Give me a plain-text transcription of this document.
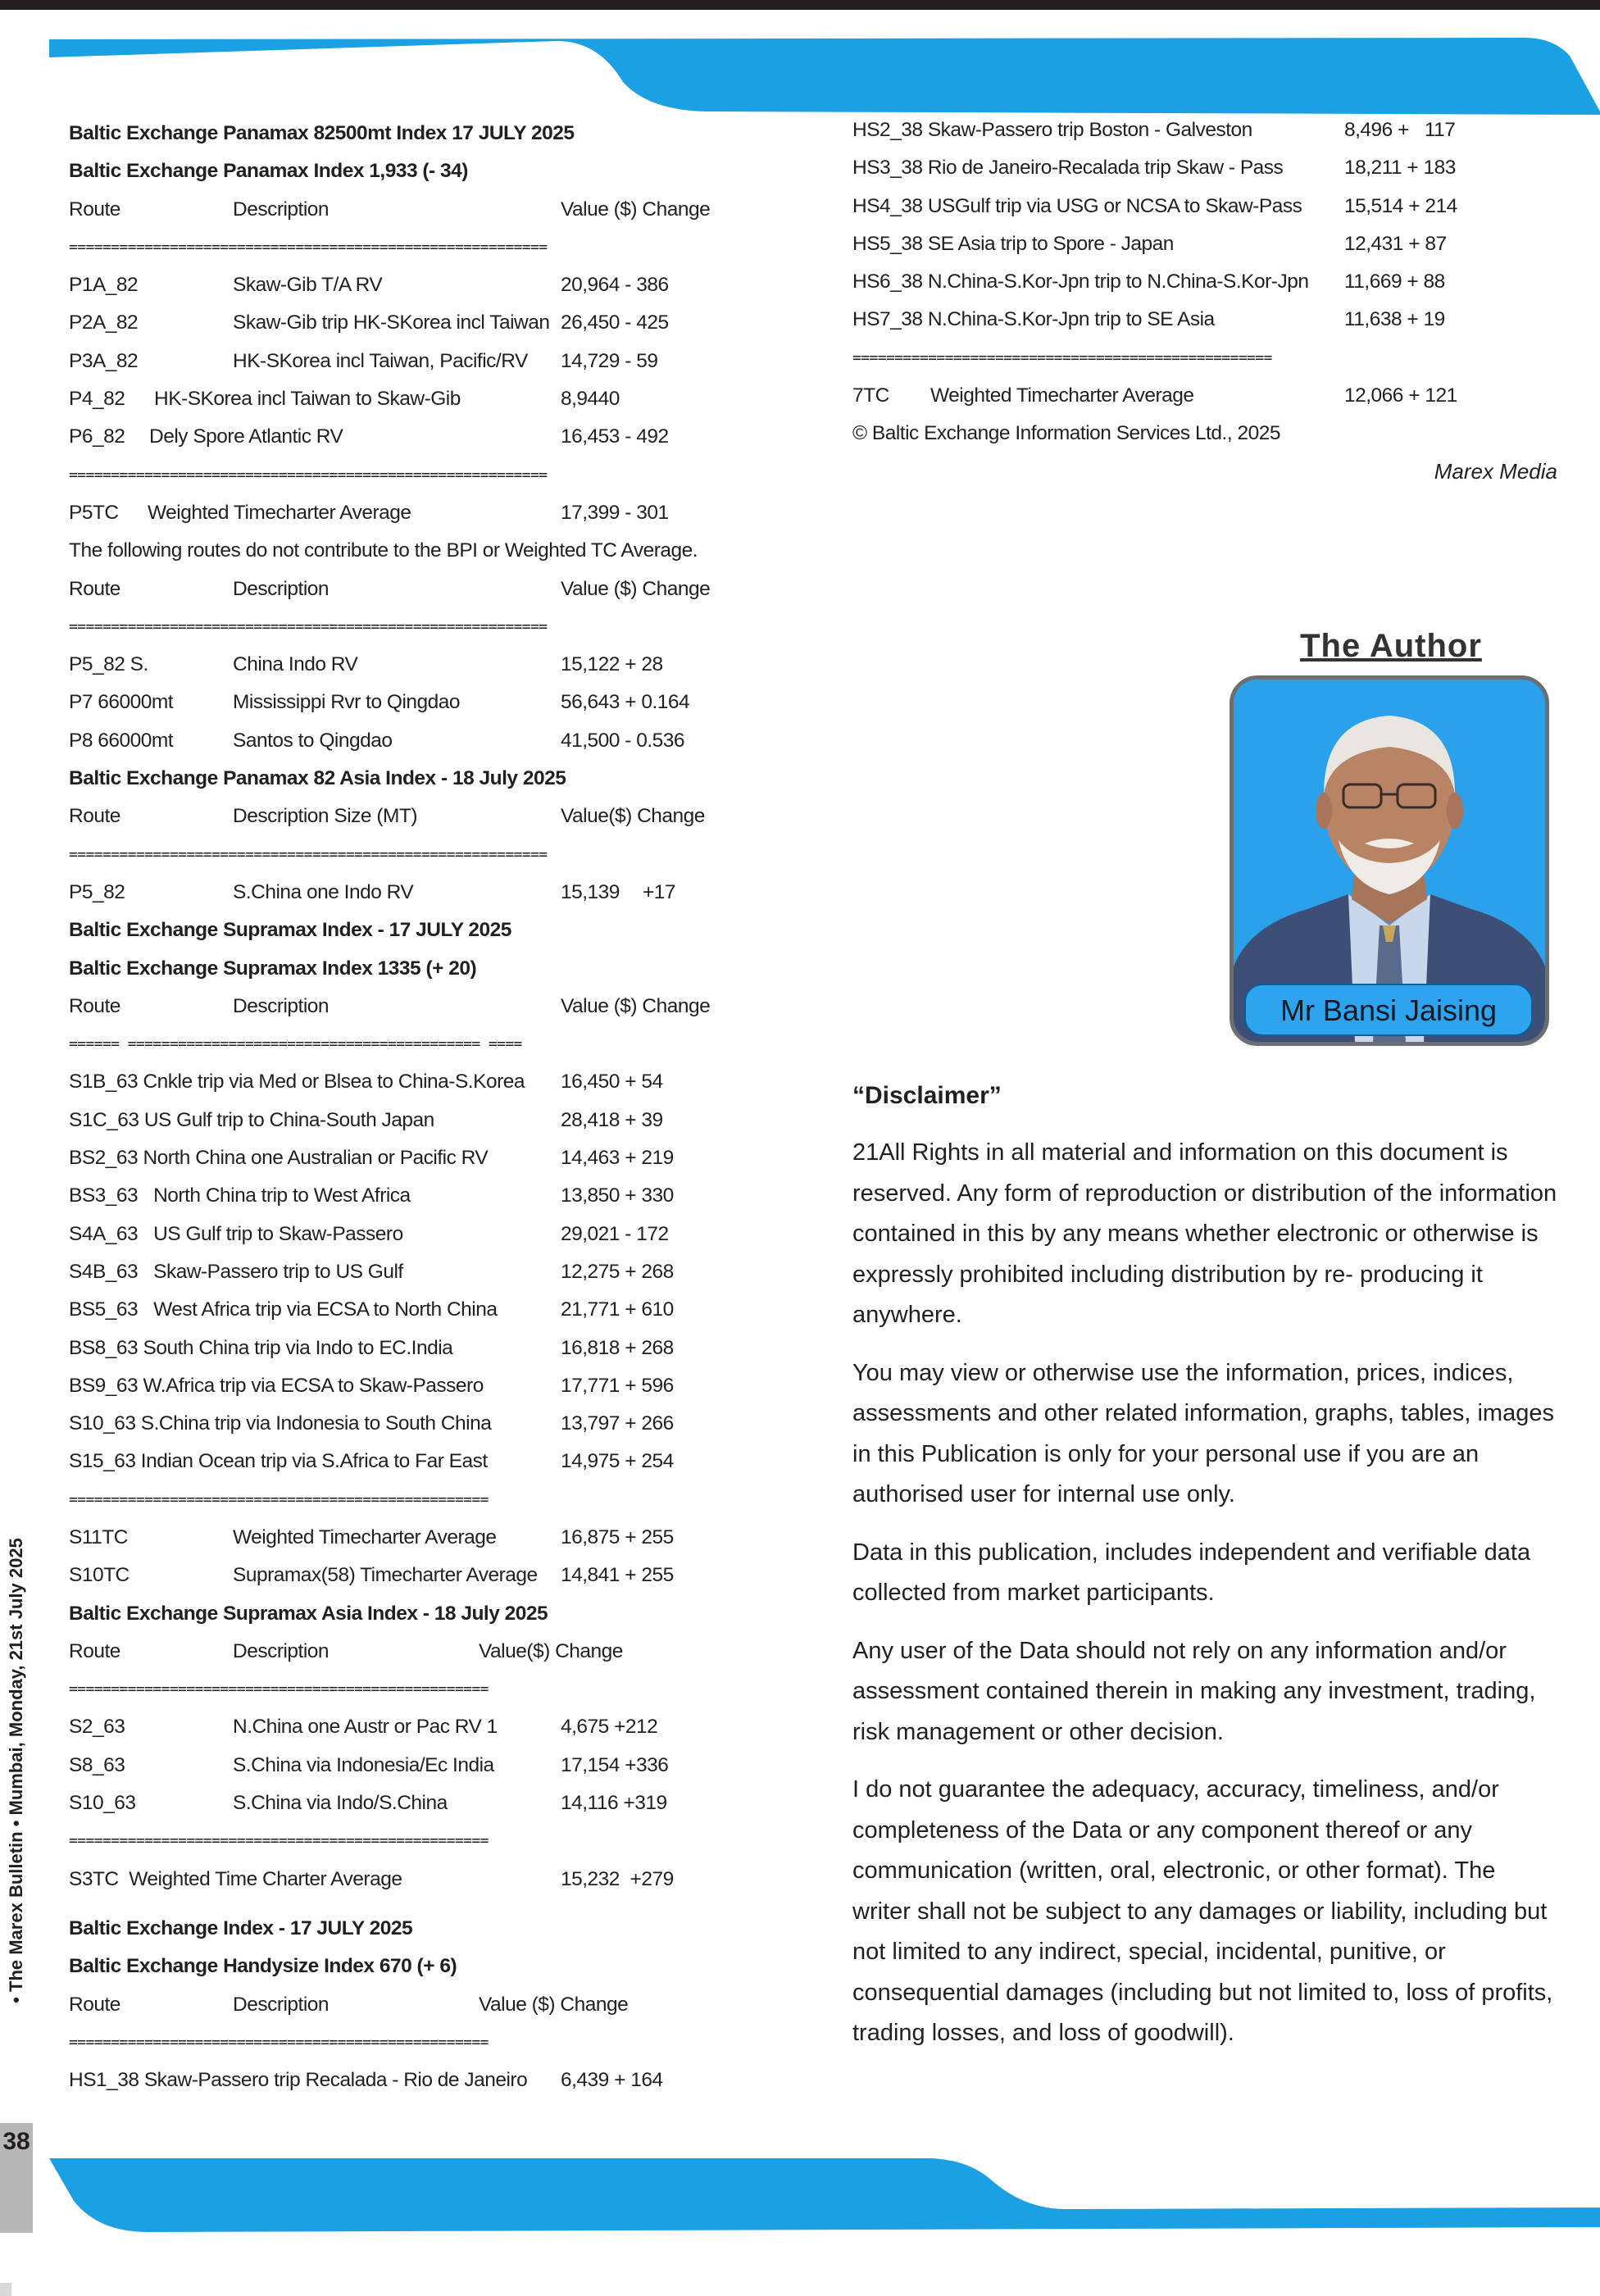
• The Marex Bulletin • Mumbai, Monday, 21st July 2025
38
Baltic Exchange Panamax 82500mt Index 17 JULY 2025
Baltic Exchange Panamax Index 1,933 (- 34)
Route	Description	Value ($) Change
=========================================================
P1A_82	Skaw-Gib T/A RV	20,964 - 386
P2A_82	Skaw-Gib trip HK-SKorea incl Taiwan 26,450 - 425
P3A_82	HK-SKorea incl Taiwan, Pacific/RV 14,729 - 59
P4_82 HK-SKorea incl Taiwan to Skaw-Gib	8,9440
P6_82 Dely Spore Atlantic RV	16,453 - 492
=========================================================
P5TC Weighted Timecharter Average	17,399 - 301
The following routes do not contribute to the BPI or Weighted TC Average.
Route	Description	Value ($) Change
=========================================================
P5_82 S.	China Indo RV	15,122 + 28
P7 66000mt	Mississippi Rvr to Qingdao	56,643 + 0.164
P8 66000mt	Santos to Qingdao	41,500 - 0.536
Baltic Exchange Panamax 82 Asia Index - 18 July 2025
Route	Description Size (MT)	Value($) Change
=========================================================
P5_82	S.China one Indo RV	15,139 +17
Baltic Exchange Supramax Index - 17 JULY 2025
Baltic Exchange Supramax Index 1335 (+ 20)
Route	Description	Value ($) Change
====== ========================================== ====
S1B_63 Cnkle trip via Med or Blsea to China-S.Korea 16,450 + 54
S1C_63 US Gulf trip to China-South Japan	28,418 + 39
BS2_63 North China one Australian or Pacific RV	14,463 + 219
BS3_63   North China trip to West Africa	13,850 + 330
S4A_63   US Gulf trip to Skaw-Passero	29,021 - 172
S4B_63   Skaw-Passero trip to US Gulf	12,275 + 268
BS5_63   West Africa trip via ECSA to North China	21,771 + 610
BS8_63 South China trip via Indo to EC.India	16,818 + 268
BS9_63 W.Africa trip via ECSA to Skaw-Passero	17,771 + 596
S10_63 S.China trip via Indonesia to South China	13,797 + 266
S15_63 Indian Ocean trip via S.Africa to Far East	14,975 + 254
==================================================
S11TC	Weighted Timecharter Average	16,875 + 255
S10TC	Supramax(58) Timecharter Average 14,841 + 255
Baltic Exchange Supramax Asia Index - 18 July 2025
Route	Description	Value($) Change
==================================================
S2_63	N.China one Austr or Pac RV 1	4,675 +212
S8_63	S.China via Indonesia/Ec India	17,154 +336
S10_63	S.China via Indo/S.China	14,116 +319
==================================================
S3TC  Weighted Time Charter Average	15,232  +279
Baltic Exchange Index - 17 JULY 2025
Baltic Exchange Handysize Index 670 (+ 6)
Route	Description	Value ($) Change
==================================================
HS1_38 Skaw-Passero trip Recalada - Rio de Janeiro 6,439 + 164
HS2_38 Skaw-Passero trip Boston - Galveston	8,496 +   117
HS3_38 Rio de Janeiro-Recalada trip Skaw - Pass	18,211 + 183
HS4_38 USGulf trip via USG or NCSA to Skaw-Pass 15,514 + 214
HS5_38 SE Asia trip to Spore - Japan	12,431 + 87
HS6_38 N.China-S.Kor-Jpn trip to N.China-S.Kor-Jpn 11,669 + 88
HS7_38 N.China-S.Kor-Jpn trip to SE Asia	11,638 + 19
==================================================
7TC Weighted Timecharter Average	12,066 + 121
© Baltic Exchange Information Services Ltd., 2025
Marex Media
The Author
Mr Bansi Jaising
“Disclaimer”

21All Rights in all material and information on this document is reserved. Any form of reproduction or distribution of the information contained in this by any means whether electronic or otherwise is expressly prohibited including distribution by re- producing it anywhere.

You may view or otherwise use the information, prices, indices, assessments and other related information, graphs, tables, images in this Publication is only for your personal use if you are an authorised user for internal use only.

Data in this publication, includes independent and verifiable data collected from market participants.

Any user of the Data should not rely on any information and/or assessment contained therein in making any investment, trading, risk management or other decision.

I do not guarantee the adequacy, accuracy, timeliness, and/or completeness of the Data or any component thereof or any communication (written, oral, electronic, or other format). The writer shall not be subject to any damages or liability, including but not limited to any indirect, special, incidental, punitive, or consequential damages (including but not limited to, loss of profits, trading losses, and loss of goodwill).
